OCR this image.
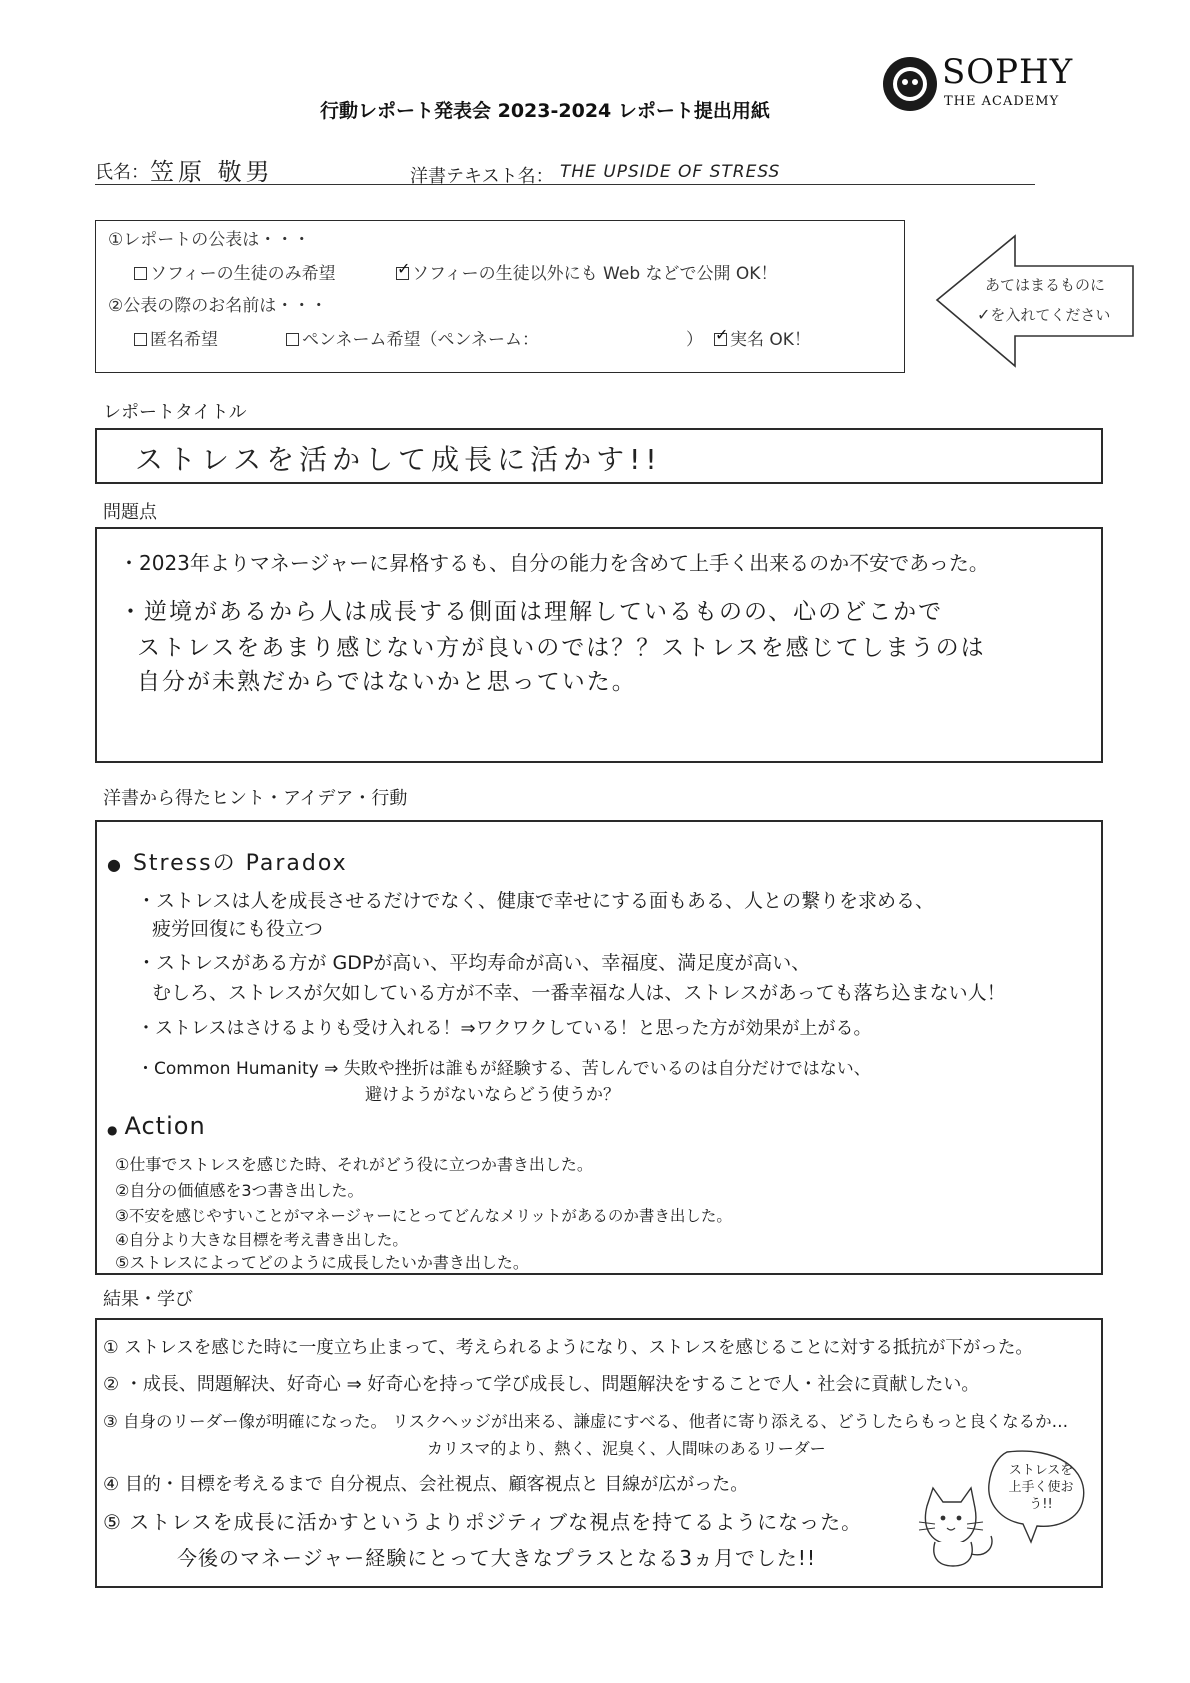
行動レポート発表会 2023-2024 レポート提出用紙
SOPHY
THE ACADEMY
氏名： 笠原 敬男	洋書テキスト名： THE UPSIDE OF STRESS
①レポートの公表は・・・
ソフィーの生徒のみ希望 ✓	ソフィーの生徒以外にも Web などで公開 OK！
②公表の際のお名前は・・・
匿名希望	ペンネーム希望（ペンネーム：	） ✓	実名 OK！
あてはまるものに
✓を入れてください
レポートタイトル
ストレスを活かして成長に活かす!!
問題点
・2023年よりマネージャーに昇格するも、自分の能力を含めて上手く出来るのか不安であった。
・逆境があるから人は成長する側面は理解しているものの、心のどこかで
ストレスをあまり感じない方が良いのでは？？ストレスを感じてしまうのは
自分が未熟だからではないかと思っていた。
洋書から得たヒント・アイデア・行動
● Stressの Paradox
・ストレスは人を成長させるだけでなく、健康で幸せにする面もある、人との繋りを求める、
疲労回復にも役立つ
・ストレスがある方が GDPが高い、平均寿命が高い、幸福度、満足度が高い、
むしろ、ストレスが欠如している方が不幸、一番幸福な人は、ストレスがあっても落ち込まない人！
・ストレスはさけるよりも受け入れる！⇒ワクワクしている！と思った方が効果が上がる。
・Common Humanity ⇒ 失敗や挫折は誰もが経験する、苦しんでいるのは自分だけではない、
避けようがないならどう使うか？
● Action
①仕事でストレスを感じた時、それがどう役に立つか書き出した。
②自分の価値感を3つ書き出した。
③不安を感じやすいことがマネージャーにとってどんなメリットがあるのか書き出した。
④自分より大きな目標を考え書き出した。
⑤ストレスによってどのように成長したいか書き出した。
結果・学び
① ストレスを感じた時に一度立ち止まって、考えられるようになり、ストレスを感じることに対する抵抗が下がった。
② ・成長、問題解決、好奇心 ⇒ 好奇心を持って学び成長し、問題解決をすることで人・社会に貢献したい。
③ 自身のリーダー像が明確になった。 リスクヘッジが出来る、謙虚にすべる、他者に寄り添える、どうしたらもっと良くなるか…
カリスマ的より、熱く、泥臭く、人間味のあるリーダー
④ 目的・目標を考えるまで 自分視点、会社視点、顧客視点と 目線が広がった。
⑤ ストレスを成長に活かすというよりポジティブな視点を持てるようになった。
今後のマネージャー経験にとって大きなプラスとなる3ヵ月でした!!
ストレスを上手く使おう!!
